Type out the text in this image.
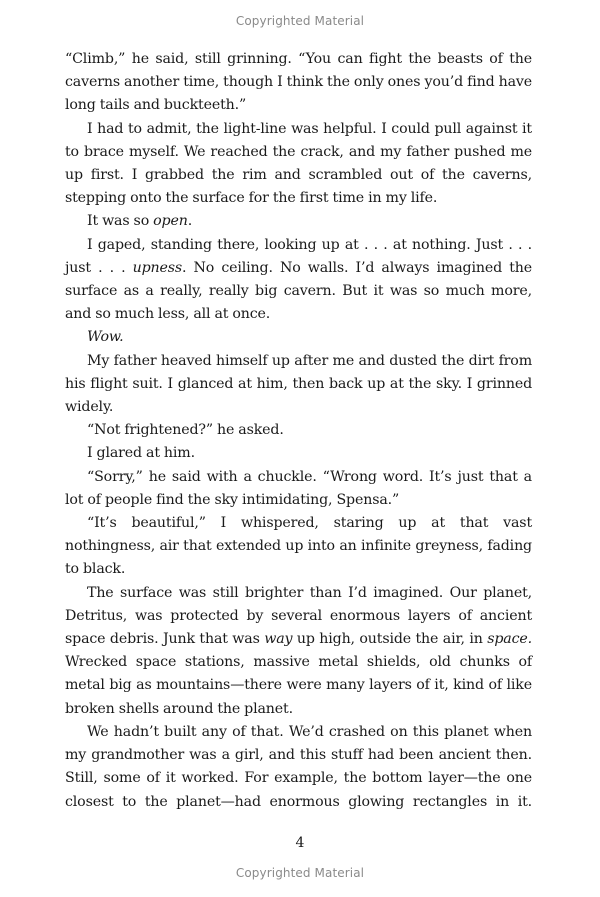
Copyrighted Material

“Climb,” he said, still grinning. “You can fight the beasts of the caverns another time, though I think the only ones you’d find have long tails and buckteeth.”

I had to admit, the light-line was helpful. I could pull against it to brace myself. We reached the crack, and my father pushed me up first. I grabbed the rim and scrambled out of the caverns, stepping onto the surface for the first time in my life.

It was so open.

I gaped, standing there, looking up at . . . at nothing. Just . . . just . . . upness. No ceiling. No walls. I’d always imagined the surface as a really, really big cavern. But it was so much more, and so much less, all at once.

Wow.

My father heaved himself up after me and dusted the dirt from his flight suit. I glanced at him, then back up at the sky. I grinned widely.

“Not frightened?” he asked.

I glared at him.

“Sorry,” he said with a chuckle. “Wrong word. It’s just that a lot of people find the sky intimidating, Spensa.”

“It’s beautiful,” I whispered, staring up at that vast nothingness, air that extended up into an infinite greyness, fading to black.

The surface was still brighter than I’d imagined. Our planet, Detritus, was protected by several enormous layers of ancient space debris. Junk that was way up high, outside the air, in space. Wrecked space stations, massive metal shields, old chunks of metal big as mountains—there were many layers of it, kind of like broken shells around the planet.

We hadn’t built any of that. We’d crashed on this planet when my grandmother was a girl, and this stuff had been ancient then. Still, some of it worked. For example, the bottom layer—the one closest to the planet—had enormous glowing rectangles in it.

4
Copyrighted Material
